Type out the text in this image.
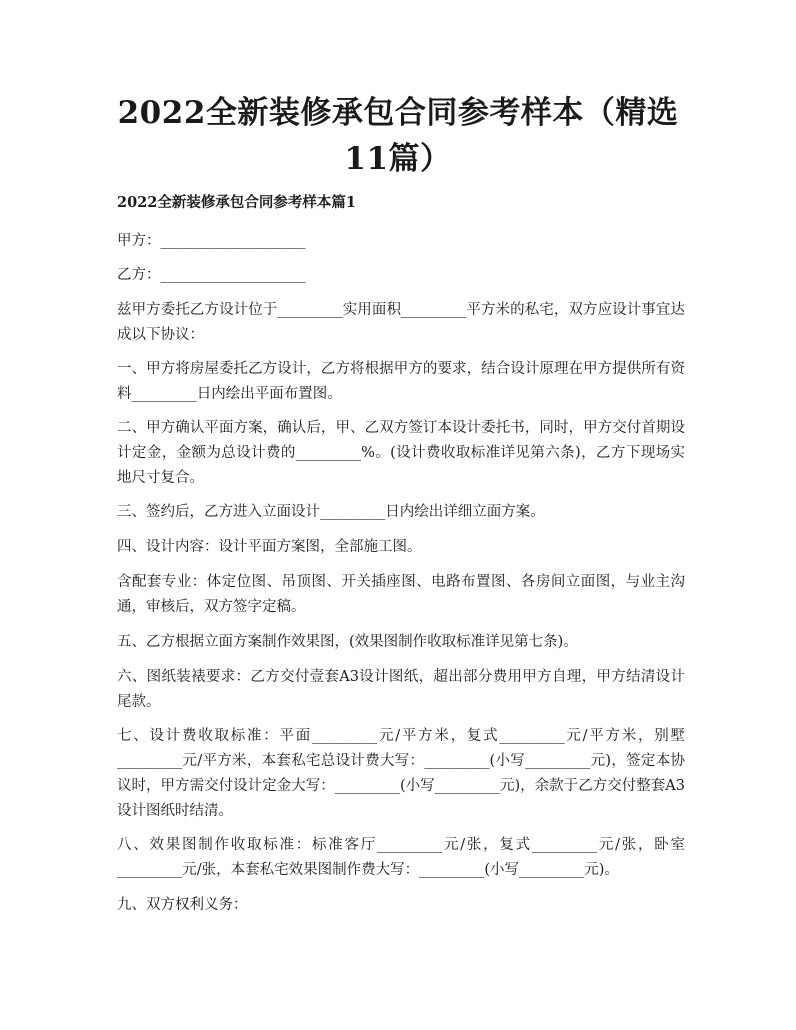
2022全新装修承包合同参考样本（精选11篇）
2022全新装修承包合同参考样本篇1

甲方：____________________

乙方：____________________

兹甲方委托乙方设计位于_________实用面积_________平方米的私宅，双方应设计事宜达成以下协议：

一、甲方将房屋委托乙方设计，乙方将根据甲方的要求，结合设计原理在甲方提供所有资料_________日内绘出平面布置图。

二、甲方确认平面方案，确认后，甲、乙双方签订本设计委托书，同时，甲方交付首期设计定金，金额为总设计费的_________%。(设计费收取标准详见第六条)，乙方下现场实地尺寸复合。

三、签约后，乙方进入立面设计_________日内绘出详细立面方案。

四、设计内容：设计平面方案图，全部施工图。

含配套专业：体定位图、吊顶图、开关插座图、电路布置图、各房间立面图，与业主沟通，审核后，双方签字定稿。

五、乙方根据立面方案制作效果图，(效果图制作收取标准详见第七条)。

六、图纸装裱要求：乙方交付壹套A3设计图纸，超出部分费用甲方自理，甲方结清设计尾款。

七、设计费收取标准：平面_________元/平方米，复式_________元/平方米，别墅_________元/平方米，本套私宅总设计费大写：_________(小写_________元)，签定本协议时，甲方需交付设计定金大写：_________(小写_________元)，余款于乙方交付整套A3设计图纸时结清。

八、效果图制作收取标准：标准客厅_________元/张，复式_________元/张，卧室_________元/张，本套私宅效果图制作费大写：_________(小写_________元)。

九、双方权利义务：
